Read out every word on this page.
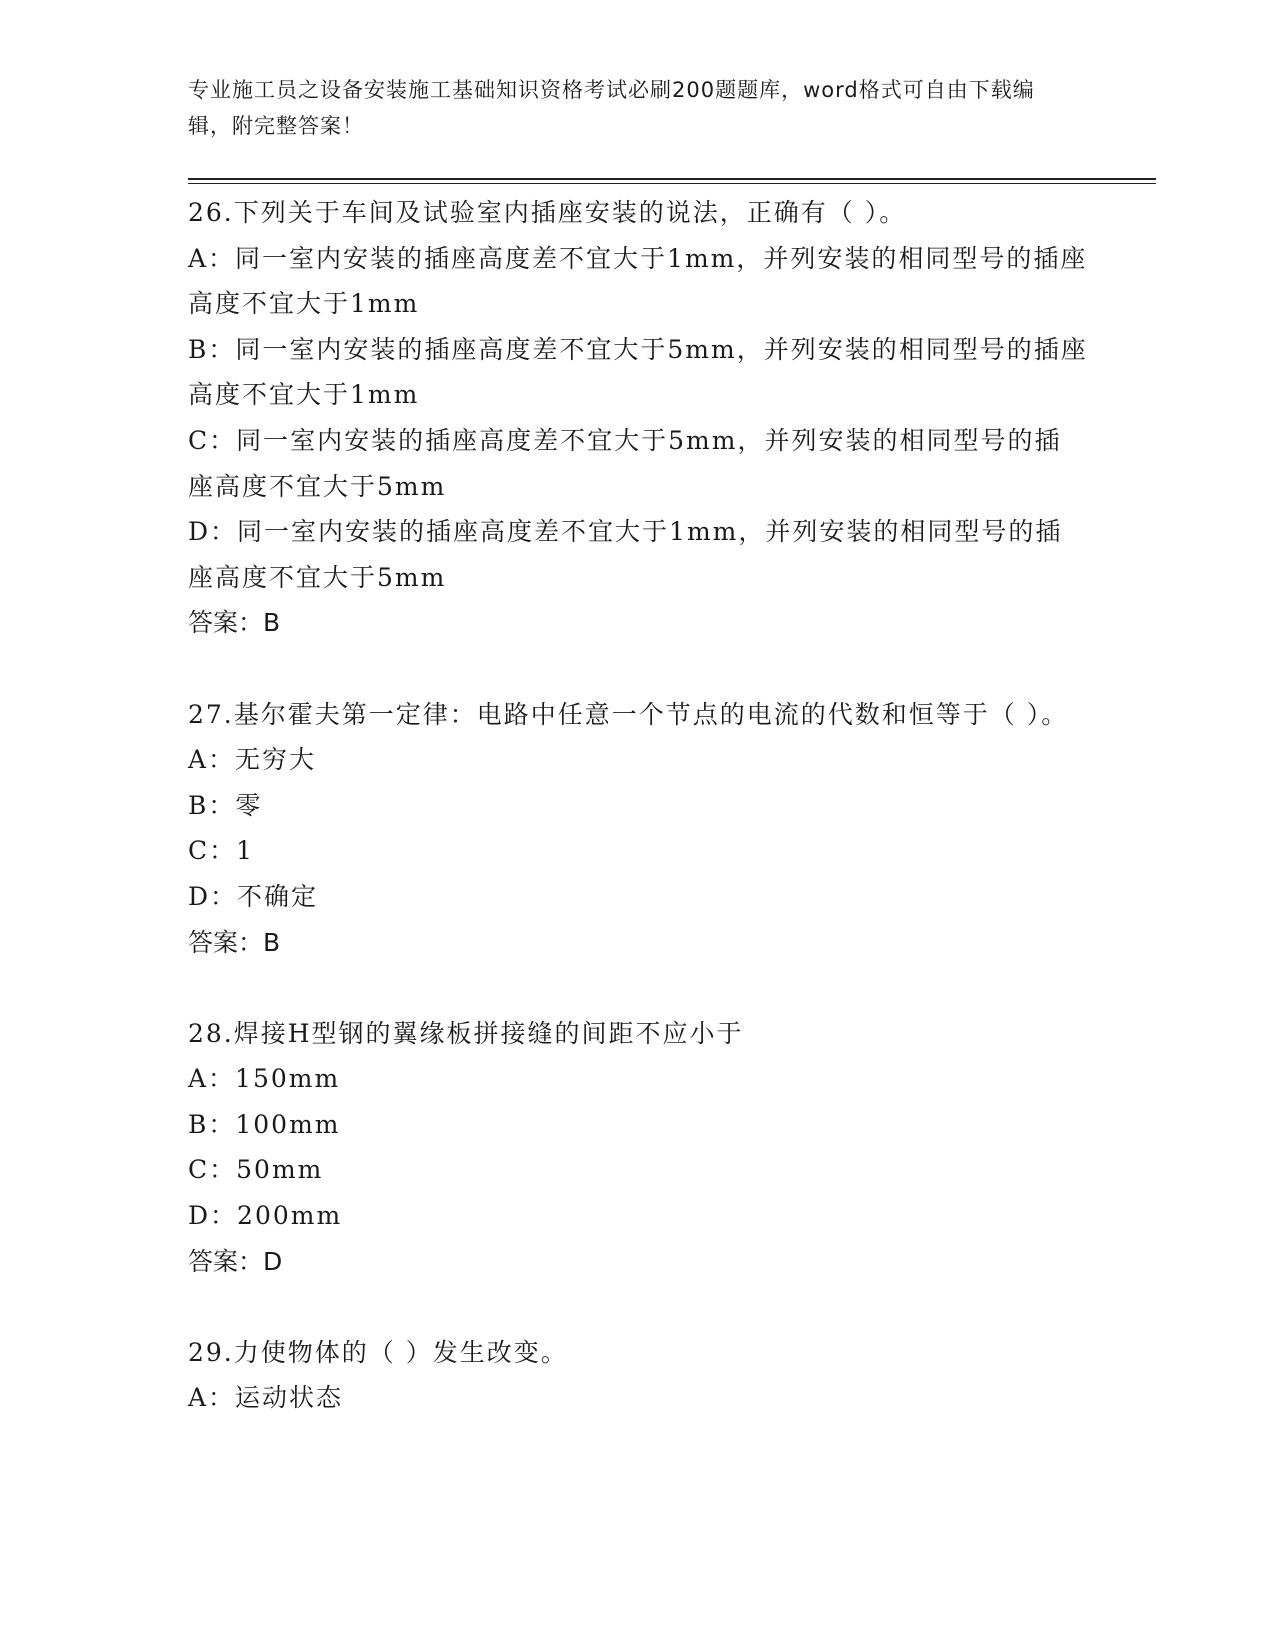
专业施工员之设备安装施工基础知识资格考试必刷200题题库，word格式可自由下载编辑，附完整答案！
26.下列关于车间及试验室内插座安装的说法，正确有（ ）。
A：同一室内安装的插座高度差不宜大于1mm，并列安装的相同型号的插座高度不宜大于1mm
B：同一室内安装的插座高度差不宜大于5mm，并列安装的相同型号的插座高度不宜大于1mm
C：同一室内安装的插座高度差不宜大于5mm，并列安装的相同型号的插座高度不宜大于5mm
D：同一室内安装的插座高度差不宜大于1mm，并列安装的相同型号的插座高度不宜大于5mm
答案：B
27.基尔霍夫第一定律：电路中任意一个节点的电流的代数和恒等于（ ）。
A：无穷大
B：零
C：1
D：不确定
答案：B
28.焊接H型钢的翼缘板拼接缝的间距不应小于
A：150mm
B：100mm
C：50mm
D：200mm
答案：D
29.力使物体的（ ）发生改变。
A：运动状态
